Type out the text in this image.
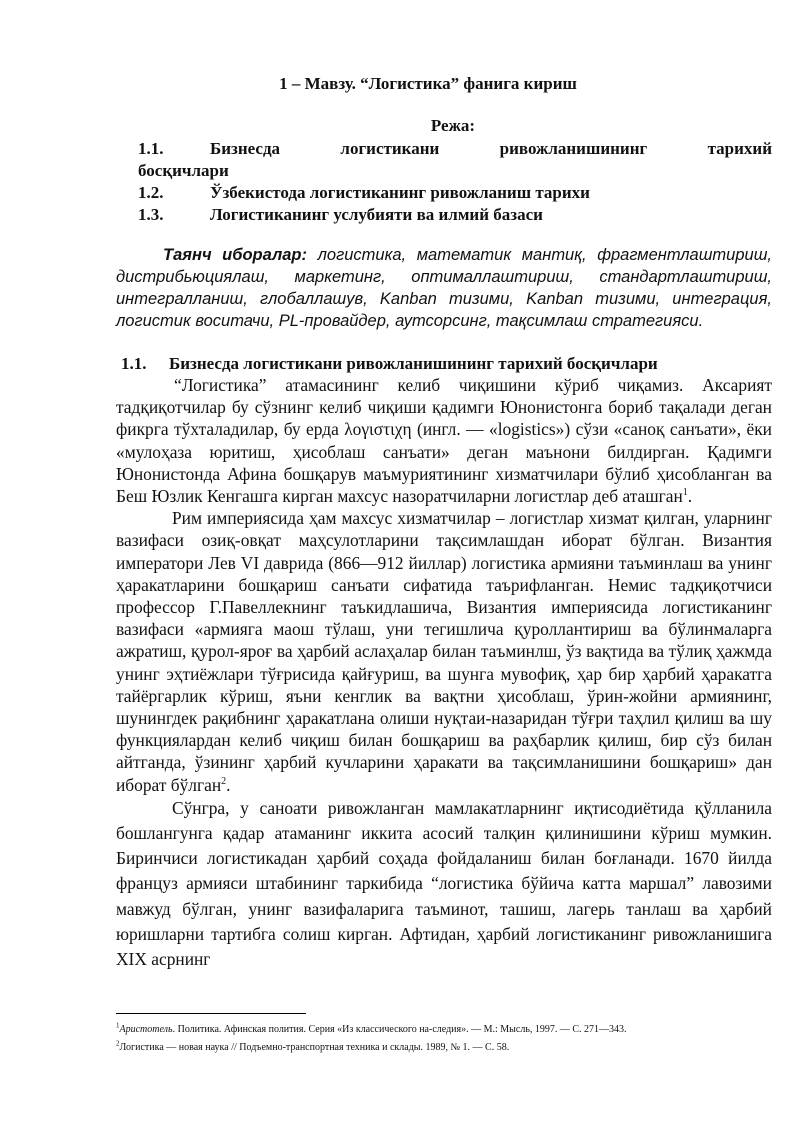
1 – Мавзу. “Логистика” фанига кириш
Режа:
1.1.	Бизнесда логистикани ривожланишининг тарихий
босқичлари
1.2.	Ўзбекистода логистиканинг ривожланиш тарихи
1.3.	Логистиканинг услубияти ва илмий базаси
Таянч иборалар: логистика, математик мантиқ, фрагментлаштириш, дистрибьюциялаш, маркетинг, оптималлаштириш, стандартлаштириш, интегралланиш, глобаллашув, Kanban тизими, Kanban тизими, интеграция, логистик воситачи, PL-провайдер, аутсорсинг, тақсимлаш стратегияси.
1.1. Бизнесда логистикани ривожланишининг тарихий босқичлари

“Логистика” атамасининг келиб чиқишини кўриб чиқамиз. Аксарият тадқиқотчилар бу сўзнинг келиб чиқиши қадимги Юнонистонга бориб тақалади деган фикрга тўхталадилар, бу ерда λογιστιχη (ингл. — «logistics») сўзи «саноқ санъати», ёки «мулоҳаза юритиш, ҳисоблаш санъати» деган маънони билдирган. Қадимги Юнонистонда Афина бошқарув маъмуриятининг хизматчилари бўлиб ҳисобланган ва Беш Юзлик Кенгашга кирган махсус назоратчиларни логистлар деб аташган$^1$.

Рим империясида ҳам махсус хизматчилар – логистлар хизмат қилган, уларнинг вазифаси озиқ-овқат маҳсулотларини тақсимлашдан иборат бўлган. Византия императори Лев VI даврида (866—912 йиллар) логистика армияни таъминлаш ва унинг ҳаракатларини бошқариш санъати сифатида таърифланган. Немис тадқиқотчиси профессор Г.Павеллекнинг таъкидлашича, Византия империясида логистиканинг вазифаси «армияга маош тўлаш, уни тегишлича қуроллантириш ва бўлинмаларга ажратиш, қурол-яроғ ва ҳарбий аслаҳалар билан таъминлш, ўз вақтида ва тўлиқ ҳажмда унинг эҳтиёжлари тўғрисида қайғуриш, ва шунга мувофиқ, ҳар бир ҳарбий ҳаракатга тайёргарлик кўриш, яъни кенглик ва вақтни ҳисоблаш, ўрин-жойни армиянинг, шунингдек рақибнинг ҳаракатлана олиши нуқтаи-назаридан тўғри таҳлил қилиш ва шу функциялардан келиб чиқиш билан бошқариш ва раҳбарлик қилиш, бир сўз билан айтганда, ўзининг ҳарбий кучларини ҳаракати ва тақсимланишини бошқариш» дан иборат бўлган$^2$.

Сўнгра, у саноати ривожланган мамлакатларнинг иқтисодиётида қўлланила бошлангунга қадар атаманинг иккита асосий талқин қилинишини кўриш мумкин. Биринчиси логистикадан ҳарбий соҳада фойдаланиш билан боғланади. 1670 йилда француз армияси штабининг таркибида “логистика бўйича катта маршал” лавозими мавжуд бўлган, унинг вазифаларига таъминот, ташиш, лагерь танлаш ва ҳарбий юришларни тартибга солиш кирган. Афтидан, ҳарбий логистиканинг ривожланишига XIX асрнинг

$^1$Аристотель. Политика. Афинская полития. Серия «Из классического на-следия». — М.: Мысль, 1997. — С. 271—343.
$^2$Логистика — новая наука // Подъемно-транспортная техника и склады. 1989, № 1. — С. 58.
